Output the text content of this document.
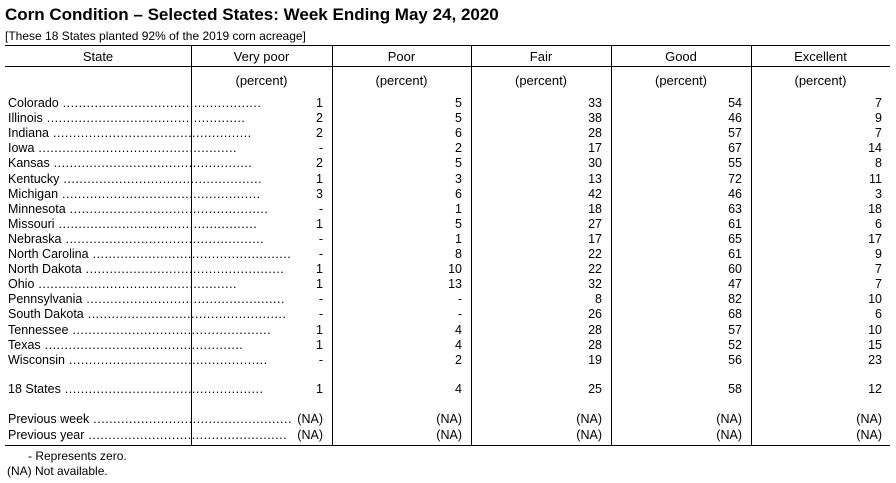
Corn Condition – Selected States: Week Ending May 24, 2020
[These 18 States planted 92% of the 2019 corn acreage]
State	Very poor	Poor	Fair	Good	Excellent
(percent)	(percent)	(percent)	(percent)	(percent)
Colorado ..................................................	1	5	33	54	7
Illinois ..................................................	2	5	38	46	9
Indiana ..................................................	2	6	28	57	7
Iowa ..................................................	-	2	17	67	14
Kansas ..................................................	2	5	30	55	8
Kentucky ..................................................	1	3	13	72	11
Michigan ..................................................	3	6	42	46	3
Minnesota ..................................................	-	1	18	63	18
Missouri ..................................................	1	5	27	61	6
Nebraska ..................................................	-	1	17	65	17
North Carolina .................................................. -	8	22	61	9
North Dakota ..................................................	1	10	22	60	7
Ohio ..................................................	1	13	32	47	7
Pennsylvania ..................................................	-	-	8	82	10
South Dakota ..................................................	-	-	26	68	6
Tennessee ..................................................	1	4	28	57	10
Texas ..................................................	1	4	28	52	15
Wisconsin ..................................................	-	2	19	56	23
18 States ..................................................	1	4	25	58	12
Previous week .................................................. (NA)	(NA)	(NA)	(NA)	(NA)
Previous year .................................................. (NA)	(NA)	(NA)	(NA)	(NA)
- Represents zero.
(NA) Not available.
